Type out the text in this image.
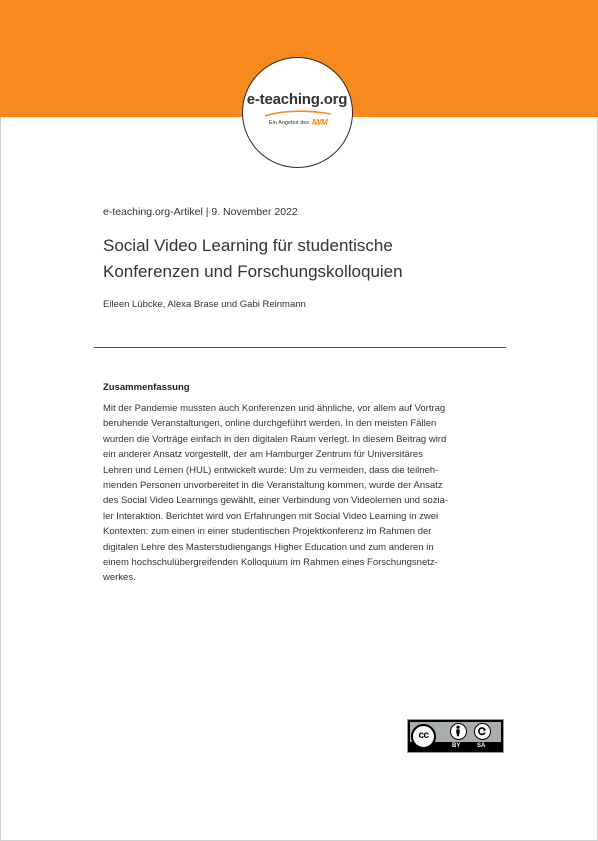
e-teaching.org
Ein Angebot des IWM
e-teaching.org-Artikel | 9. November 2022
Social Video Learning für studentische
Konferenzen und Forschungskolloquien
Eileen Lübcke, Alexa Brase und Gabi Reinmann
Zusammenfassung

Mit der Pandemie mussten auch Konferenzen und ähnliche, vor allem auf Vortrag
beruhende Veranstaltungen, online durchgeführt werden. In den meisten Fällen
wurden die Vorträge einfach in den digitalen Raum verlegt. In diesem Beitrag wird
ein anderer Ansatz vorgestellt, der am Hamburger Zentrum für Universitäres
Lehren und Lernen (HUL) entwickelt wurde: Um zu vermeiden, dass die teilneh-
menden Personen unvorbereitet in die Veranstaltung kommen, wurde der Ansatz
des Social Video Learnings gewählt, einer Verbindung von Videolernen und sozia-
ler Interaktion. Berichtet wird von Erfahrungen mit Social Video Learning in zwei
Kontexten: zum einen in einer studentischen Projektkonferenz im Rahmen der
digitalen Lehre des Masterstudiengangs Higher Education und zum anderen in
einem hochschulübergreifenden Kolloquium im Rahmen eines Forschungsnetz-
werkes.

cc
BY	SA
